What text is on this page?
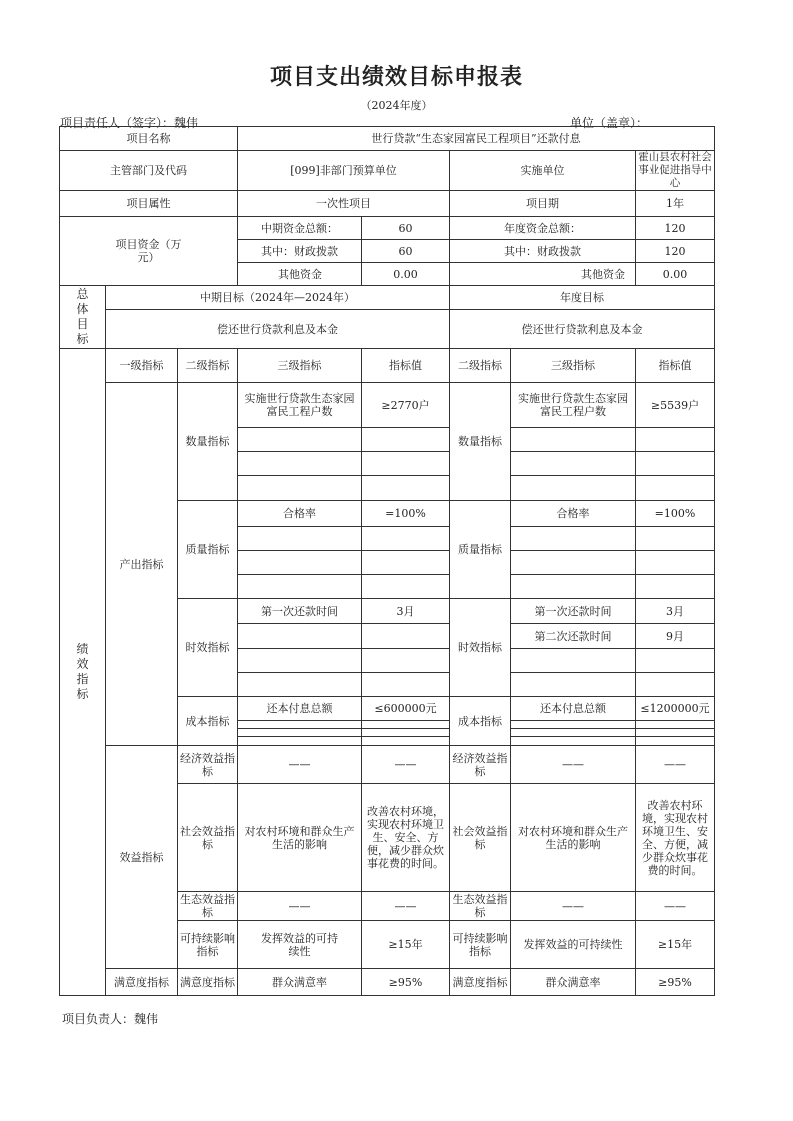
项目支出绩效目标申报表
（2024年度）
项目责任人（签字）：魏伟	单位（盖章）：
项目名称			世行贷款“生态家园富民工程项目”还款付息				
主管部门及代码			[099]非部门预算单位		实施单位		霍山县农村社会事业促进指导中心
项目属性			一次性项目		项目期		1年
项目资金（万元）			中期资金总额：	60	年度资金总额：		120
			其中：财政拨款	60	其中：财政拨款		120
			其他资金	0.00	其他资金		0.00
总体目标	中期目标（2024年—2024年）				年度目标		
	偿还世行贷款利息及本金				偿还世行贷款利息及本金		
绩效指标	一级指标	二级指标	三级指标	指标值	二级指标	三级指标	指标值
	产出指标	数量指标	实施世行贷款生态家园富民工程户数	≥2770户	数量指标	实施世行贷款生态家园富民工程户数	≥5539户

		质量指标	合格率	=100%	质量指标	合格率	=100%

		时效指标	第一次还款时间	3月	时效指标	第一次还款时间	3月
						第二次还款时间	9月

		成本指标	还本付息总额	≤600000元	成本指标	还本付息总额	≤1200000元

	效益指标	经济效益指标	——	——	经济效益指标	——	——
		社会效益指标	对农村环境和群众生产生活的影响	改善农村环境，实现农村环境卫生、安全、方便，减少群众炊事花费的时间。	社会效益指标	对农村环境和群众生产生活的影响	改善农村环境，实现农村环境卫生、安全、方便，减少群众炊事花费的时间。
		生态效益指标	——	——	生态效益指标	——	——
		可持续影响指标	发挥效益的可持续性	≥15年	可持续影响指标	发挥效益的可持续性	≥15年
	满意度指标	满意度指标	群众满意率	≥95%	满意度指标	群众满意率	≥95%
项目负责人：魏伟
